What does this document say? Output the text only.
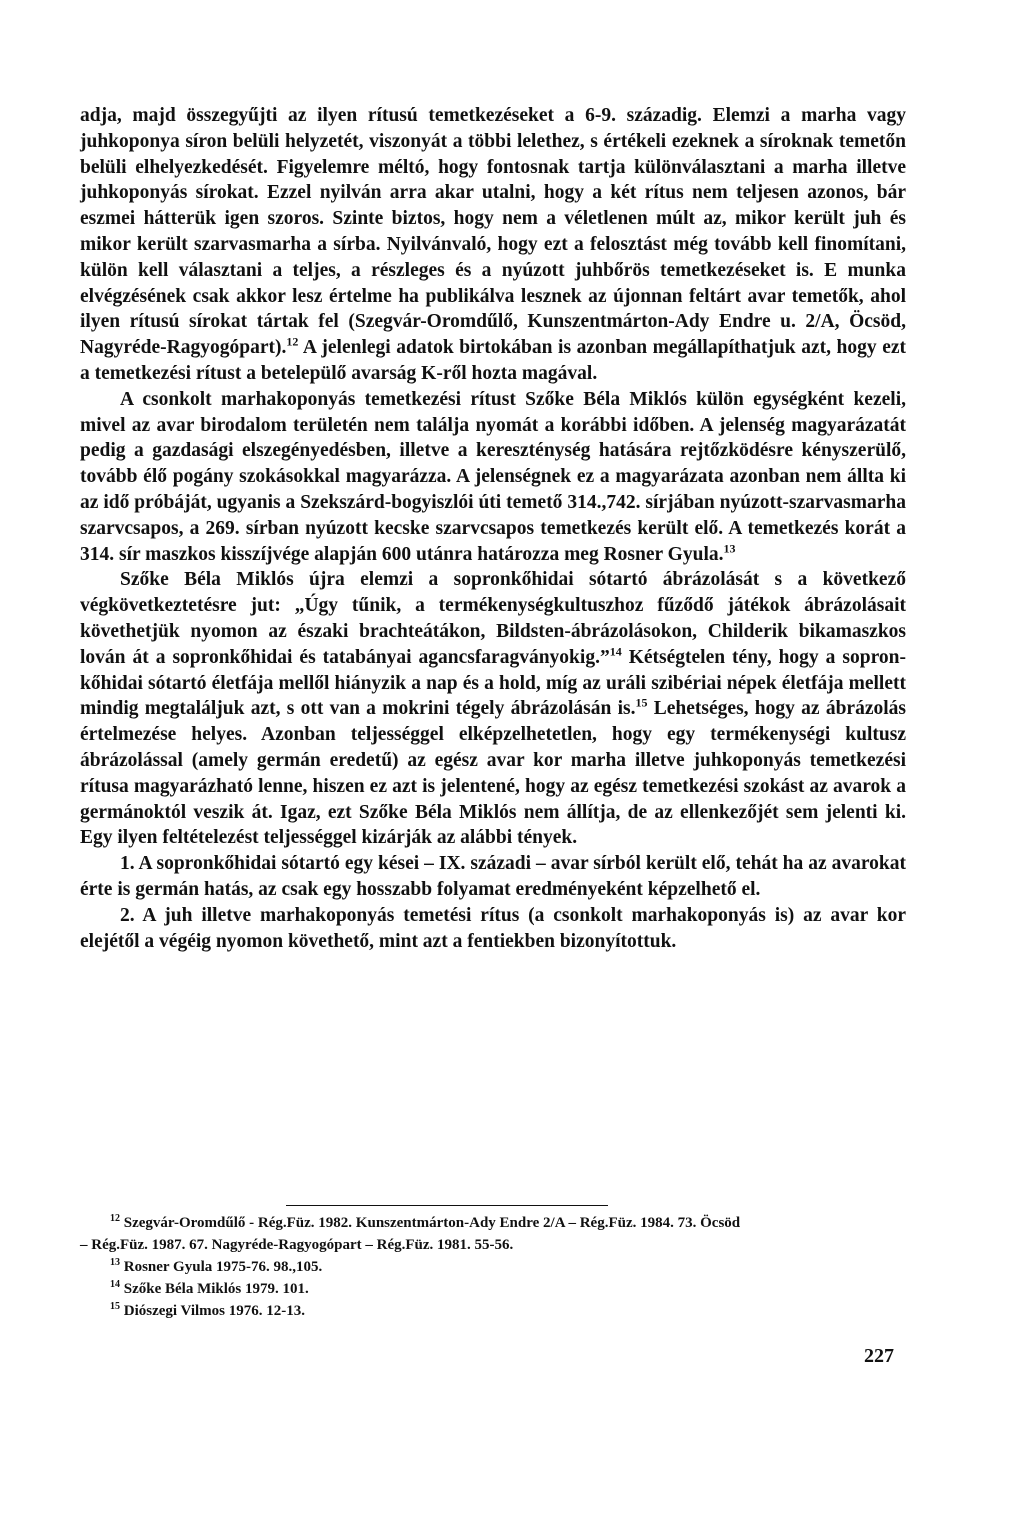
adja, majd összegyűjti az ilyen rítusú temetkezéseket a 6-9. századig. Elemzi a marha vagy juhkoponya síron belüli helyzetét, viszonyát a többi lelethez, s értékeli ezeknek a síroknak temetőn belüli elhelyezkedését. Figyelemre méltó, hogy fontosnak tartja különválasztani a marha illetve juhkoponyás sírokat. Ezzel nyilván arra akar utalni, hogy a két rítus nem teljesen azonos, bár eszmei hátterük igen szoros. Szinte biztos, hogy nem a véletlenen múlt az, mikor került juh és mikor került szarvasmarha a sírba. Nyilvánvaló, hogy ezt a felosztást még tovább kell finomítani, külön kell választani a teljes, a részleges és a nyúzott juhbőrös temetkezéseket is. E munka elvégzésének csak akkor lesz értelme ha publikálva lesznek az újonnan feltárt avar temetők, ahol ilyen rítusú sírokat tártak fel (Szegvár-Oromdűlő, Kunszentmárton-Ady Endre u. 2/A, Öcsöd, Nagyréde-Ragyogópart).$^{12}$ A jelenlegi adatok birtokában is azonban megállapíthatjuk azt, hogy ezt a temetkezési rítust a betelepülő avarság K-ről hozta magával.

A csonkolt marhakoponyás temetkezési rítust Szőke Béla Miklós külön egységként kezeli, mivel az avar birodalom területén nem találja nyomát a korábbi időben. A jelenség magyarázatát pedig a gazdasági elszegényedésben, illetve a kereszténység hatására rejtőzködésre kényszerülő, tovább élő pogány szokásokkal magyarázza. A jelenségnek ez a magyarázata azonban nem állta ki az idő próbáját, ugyanis a Szekszárd-bogyiszlói úti temető 314.,742. sírjában nyúzott-szarvasmarha szarvcsapos, a 269. sírban nyúzott kecske szarvcsapos temetkezés került elő. A temetkezés korát a 314. sír maszkos kisszíjvége alapján 600 utánra határozza meg Rosner Gyula.$^{13}$

Szőke Béla Miklós újra elemzi a sopronkőhidai sótartó ábrázolását s a következő végkövetkeztetésre jut: „Úgy tűnik, a termékenységkultuszhoz fűződő játékok ábrázolásait követhetjük nyomon az északi brachteátákon, Bildsten-ábrázolásokon, Childerik bikamaszkos lován át a sopronkőhidai és tatabányai agancsfaragványokig.”$^{14}$ Kétségtelen tény, hogy a sopron-kőhidai sótartó életfája mellől hiányzik a nap és a hold, míg az uráli szibériai népek életfája mellett mindig megtaláljuk azt, s ott van a mokrini tégely ábrázolásán is.$^{15}$ Lehetséges, hogy az ábrázolás értelmezése helyes. Azonban teljességgel elképzelhetetlen, hogy egy termékenységi kultusz ábrázolással (amely germán eredetű) az egész avar kor marha illetve juhkoponyás temetkezési rítusa magyarázható lenne, hiszen ez azt is jelentené, hogy az egész temetkezési szokást az avarok a germánoktól veszik át. Igaz, ezt Szőke Béla Miklós nem állítja, de az ellenkezőjét sem jelenti ki. Egy ilyen feltételezést teljességgel kizárják az alábbi tények.

1. A sopronkőhidai sótartó egy kései – IX. századi – avar sírból került elő, tehát ha az avarokat érte is germán hatás, az csak egy hosszabb folyamat eredményeként képzelhető el.

2. A juh illetve marhakoponyás temetési rítus (a csonkolt marhakoponyás is) az avar kor elejétől a végéig nyomon követhető, mint azt a fentiekben bizonyítottuk.

$^{12}$ Szegvár-Oromdűlő - Rég.Füz. 1982. Kunszentmárton-Ady Endre 2/A – Rég.Füz. 1984. 73. Öcsöd

– Rég.Füz. 1987. 67. Nagyréde-Ragyogópart – Rég.Füz. 1981. 55-56.

$^{13}$ Rosner Gyula 1975-76. 98.,105.

$^{14}$ Szőke Béla Miklós 1979. 101.

$^{15}$ Diószegi Vilmos 1976. 12-13.

227
